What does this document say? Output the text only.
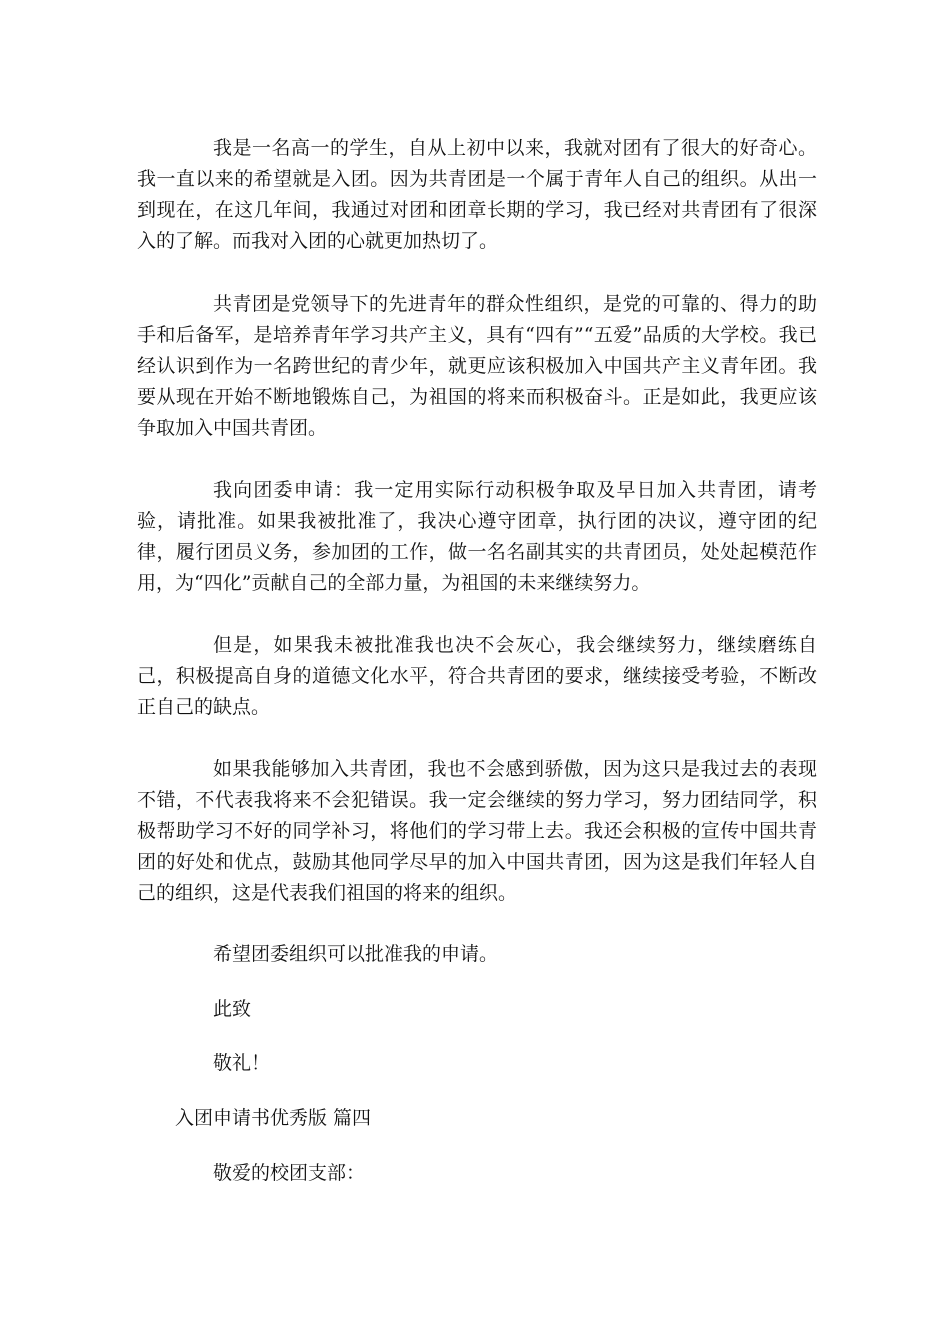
我是一名高一的学生，自从上初中以来，我就对团有了很大的好奇心。我一直以来的希望就是入团。因为共青团是一个属于青年人自己的组织。从出一到现在，在这几年间，我通过对团和团章长期的学习，我已经对共青团有了很深入的了解。而我对入团的心就更加热切了。

共青团是党领导下的先进青年的群众性组织，是党的可靠的、得力的助手和后备军，是培养青年学习共产主义，具有“四有”“五爱”品质的大学校。我已经认识到作为一名跨世纪的青少年，就更应该积极加入中国共产主义青年团。我要从现在开始不断地锻炼自己，为祖国的将来而积极奋斗。正是如此，我更应该争取加入中国共青团。

我向团委申请：我一定用实际行动积极争取及早日加入共青团，请考验，请批准。如果我被批准了，我决心遵守团章，执行团的决议，遵守团的纪律，履行团员义务，参加团的工作，做一名名副其实的共青团员，处处起模范作用，为“四化”贡献自己的全部力量，为祖国的未来继续努力。

但是，如果我未被批准我也决不会灰心，我会继续努力，继续磨练自己，积极提高自身的道德文化水平，符合共青团的要求，继续接受考验，不断改正自己的缺点。

如果我能够加入共青团，我也不会感到骄傲，因为这只是我过去的表现不错，不代表我将来不会犯错误。我一定会继续的努力学习，努力团结同学，积极帮助学习不好的同学补习，将他们的学习带上去。我还会积极的宣传中国共青团的好处和优点，鼓励其他同学尽早的加入中国共青团，因为这是我们年轻人自己的组织，这是代表我们祖国的将来的组织。

希望团委组织可以批准我的申请。

此致

敬礼！

入团申请书优秀版 篇四

敬爱的校团支部：
